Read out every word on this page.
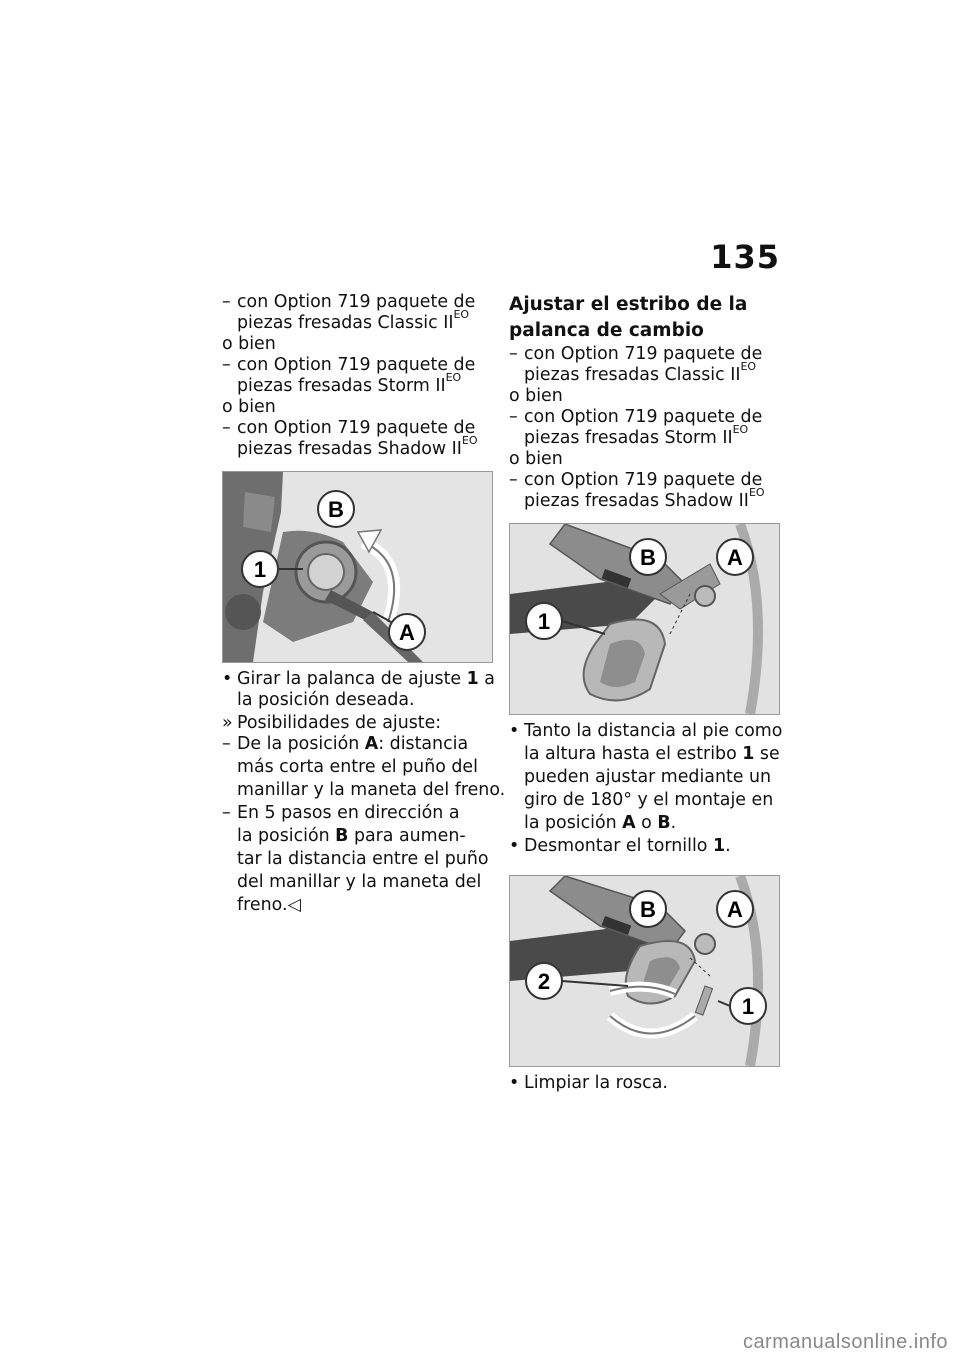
135
– con Option 719 paquete de
piezas fresadas Classic $II^{EO}$
o bien
– con Option 719 paquete de
piezas fresadas Storm $II^{EO}$
o bien
– con Option 719 paquete de
piezas fresadas Shadow $II^{EO}$
B
1
A
• Girar la palanca de ajuste 1 a
la posición deseada.
» Posibilidades de ajuste:
– De la posición A: distancia
más corta entre el puño del
manillar y la maneta del freno.
– En 5 pasos en dirección a
la posición B para aumen-
tar la distancia entre el puño
del manillar y la maneta del
freno.◁
Ajustar el estribo de la
palanca de cambio
– con Option 719 paquete de
piezas fresadas Classic $II^{EO}$
o bien
– con Option 719 paquete de
piezas fresadas Storm $II^{EO}$
o bien
– con Option 719 paquete de
piezas fresadas Shadow $II^{EO}$
B	A
1
• Tanto la distancia al pie como
la altura hasta el estribo 1 se
pueden ajustar mediante un
giro de 180° y el montaje en
la posición A o B.
• Desmontar el tornillo 1.
B	A
2
1
• Limpiar la rosca.
carmanualsonline.info
